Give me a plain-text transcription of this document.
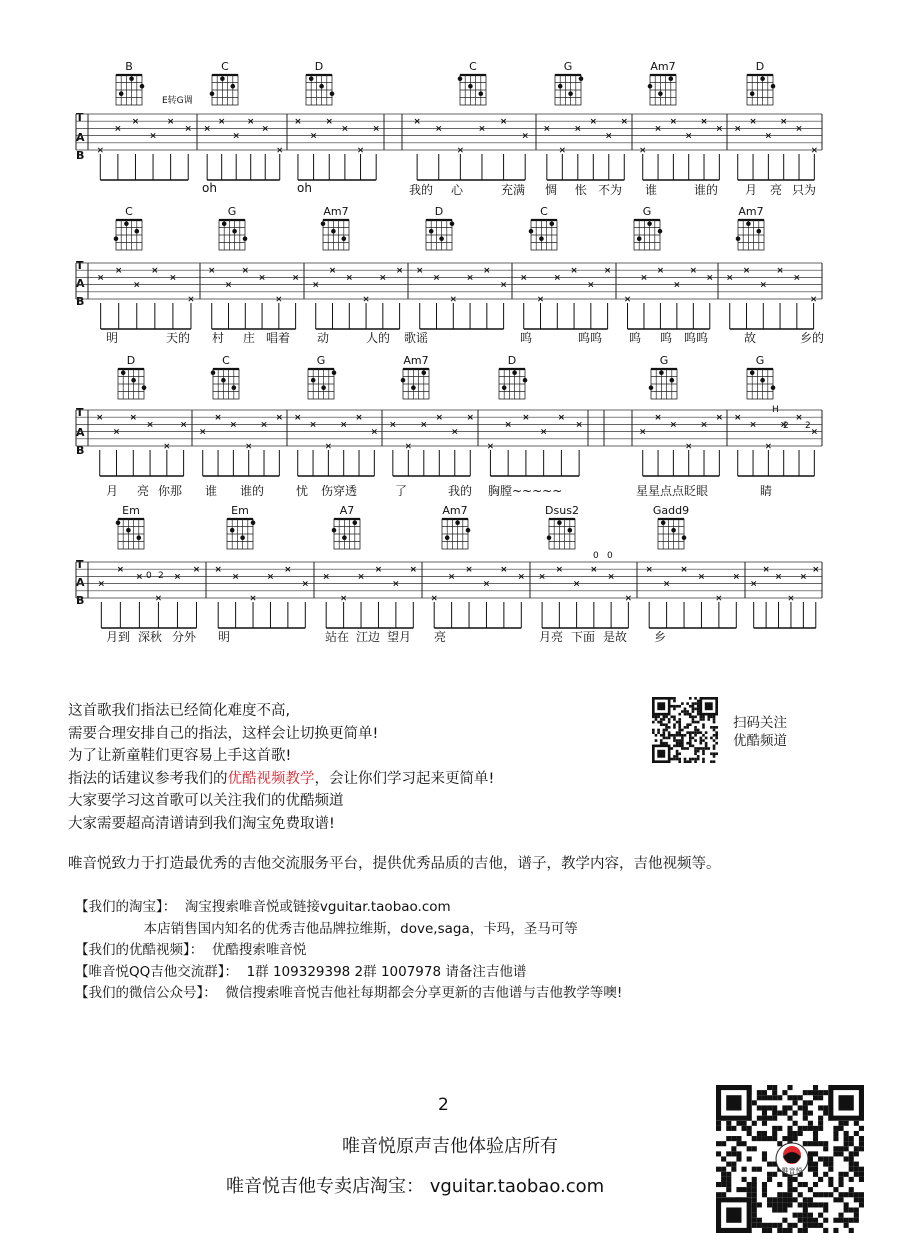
B
E转G调
C	D	C	G	Am7	D
T
A
B
oh	oh	我的 心	充满 惆 怅 不为 谁	谁的 月 亮 只为
C	G	Am7	D	C	G	Am7
T
A
B
明	天的 村 庄 唱着 动	人的 歌谣	呜	呜呜 呜 呜 呜呜	故	乡的
D	C	G	Am7	D	G	G
T
A
B
H
2 2
月 亮 你那 谁 谁的	忧 伤穿透	了	我的 胸膛~~~~~	星星点点眨眼	睛
Em	Em	A7	Am7	Dsus2	Gadd9
T
A
B
0 2
0 0
月到 深秋 分外 明	站在 江边 望月 亮	月亮 下面 是故 乡
这首歌我们指法已经简化难度不高,
需要合理安排自己的指法，这样会让切换更简单!
为了让新童鞋们更容易上手这首歌!
指法的话建议参考我们的优酷视频教学，会让你们学习起来更简单!
大家要学习这首歌可以关注我们的优酷频道
大家需要超高清谱请到我们淘宝免费取谱!
扫码关注
优酷频道
唯音悦致力于打造最优秀的吉他交流服务平台，提供优秀品质的吉他，谱子，教学内容，吉他视频等。
【我们的淘宝】：  淘宝搜索唯音悦或链接vguitar.taobao.com
本店销售国内知名的优秀吉他品牌拉维斯，dove,saga，卡玛，圣马可等
【我们的优酷视频】：  优酷搜索唯音悦
【唯音悦QQ吉他交流群】：  1群 109329398 2群 1007978 请备注吉他谱
【我们的微信公众号】：  微信搜索唯音悦吉他社每期都会分享更新的吉他谱与吉他教学等噢!
2
唯音悦原声吉他体验店所有
唯音悦吉他专卖店淘宝： vguitar.taobao.com
唯音悦
